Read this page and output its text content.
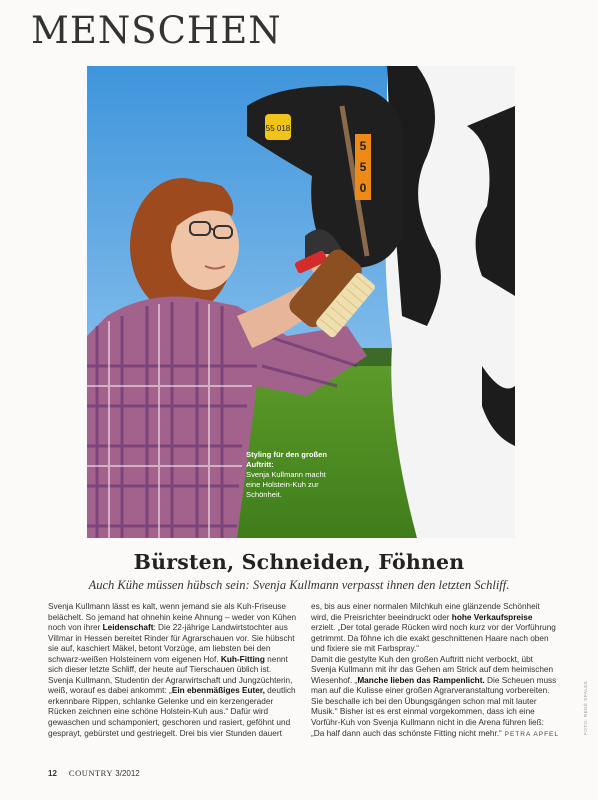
MENSCHEN
55 018
5
5
0
Styling für den großen Auftritt:
Svenja Kullmann macht eine Holstein-Kuh zur Schönheit.
FOTO: RENÉ SPALEK
Bürsten, Schneiden, Föhnen
Auch Kühe müssen hübsch sein: Svenja Kullmann verpasst ihnen den letzten Schliff.

Svenja Kullmann lässt es kalt, wenn jemand sie als Kuh-Friseuse belächelt. So jemand hat ohnehin keine Ahnung – weder von Kühen noch von ihrer Leidenschaft: Die 22-jährige Landwirtstochter aus Villmar in Hessen bereitet Rinder für Agrarschauen vor. Sie hübscht sie auf, kaschiert Mäkel, betont Vorzüge, am liebsten bei den schwarz-weißen Holsteinern vom eigenen Hof. Kuh-Fitting nennt sich dieser letzte Schliff, der heute auf Tierschauen üblich ist.

Svenja Kullmann, Studentin der Agrarwirtschaft und Jungzüchterin, weiß, worauf es dabei ankommt: „Ein ebenmäßiges Euter, deutlich erkennbare Rippen, schlanke Gelenke und ein kerzengerader Rücken zeichnen eine schöne Holstein-Kuh aus.“ Dafür wird gewaschen und schamponiert, geschoren und rasiert, geföhnt und gesprayt, gebürstet und gestriegelt. Drei bis vier Stunden dauert

es, bis aus einer normalen Milchkuh eine glänzende Schönheit wird, die Preisrichter beeindruckt oder hohe Verkaufspreise erzielt. „Der total gerade Rücken wird noch kurz vor der Vorführung getrimmt. Da föhne ich die exakt geschnittenen Haare nach oben und fixiere sie mit Farbspray.“

Damit die gestylte Kuh den großen Auftritt nicht verbockt, übt Svenja Kullmann mit ihr das Gehen am Strick auf dem heimischen Wiesenhof. „Manche lieben das Rampenlicht. Die Scheuen muss man auf die Kulisse einer großen Agrarveranstaltung vorbereiten. Sie beschalle ich bei den Übungsgängen schon mal mit lauter Musik.“ Bisher ist es erst einmal vorgekommen, dass ich eine Vorführ-Kuh von Svenja Kullmann nicht in die Arena führen ließ: „Da half dann auch das schönste Fitting nicht mehr.“ PETRA APFEL

12 COUNTRY 3/2012
